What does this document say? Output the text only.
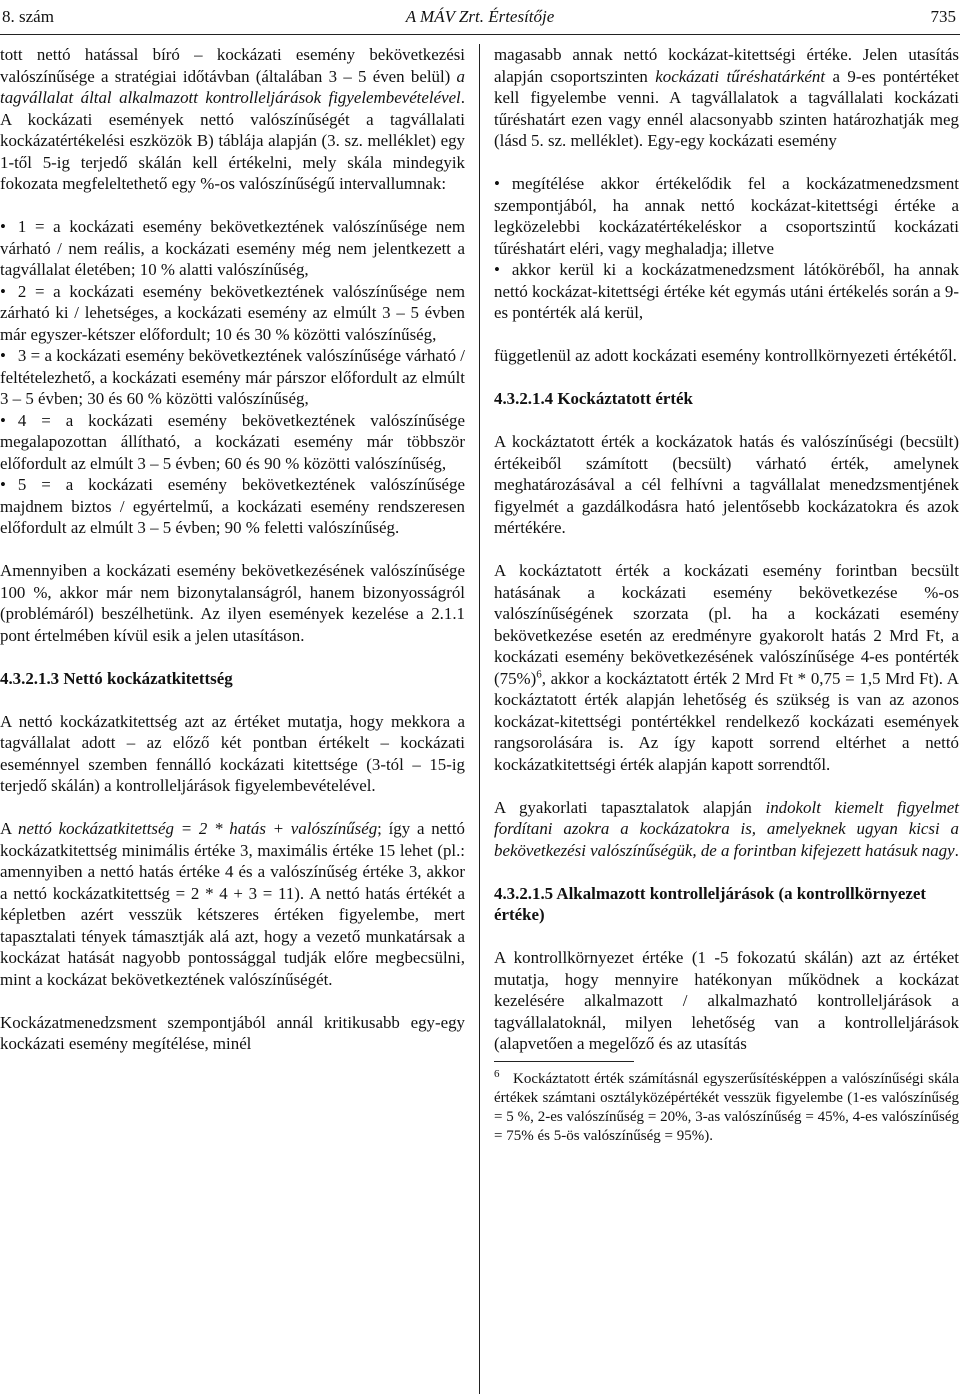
8. szám	A MÁV Zrt. Értesítője	735

tott nettó hatással bíró – kockázati esemény bekövetkezési valószínűsége a stratégiai időtávban (általában 3 – 5 éven belül) a tagvállalat által alkalmazott kontrolleljárások figyelembevételével. A kockázati események nettó valószínűségét a tagvállalati kockázatértékelési eszközök B) táblája alapján (3. sz. melléklet) egy 1-től 5-ig terjedő skálán kell értékelni, mely skála mindegyik fokozata megfeleltethető egy %-os valószínűségű intervallumnak:

• 1 = a kockázati esemény bekövetkeztének valószínűsége nem várható / nem reális, a kockázati esemény még nem jelentkezett a tagvállalat életében; 10 % alatti valószínűség,
• 2 = a kockázati esemény bekövetkeztének valószínűsége nem zárható ki / lehetséges, a kockázati esemény az elmúlt 3 – 5 évben már egyszer-kétszer előfordult; 10 és 30 % közötti valószínűség,
• 3 = a kockázati esemény bekövetkeztének valószínűsége várható / feltételezhető, a kockázati esemény már párszor előfordult az elmúlt 3 – 5 évben; 30 és 60 % közötti valószínűség,
• 4 = a kockázati esemény bekövetkeztének valószínűsége megalapozottan állítható, a kockázati esemény már többször előfordult az elmúlt 3 – 5 évben; 60 és 90 % közötti valószínűség,
• 5 = a kockázati esemény bekövetkeztének valószínűsége majdnem biztos / egyértelmű, a kockázati esemény rendszeresen előfordult az elmúlt 3 – 5 évben; 90 % feletti valószínűség.

Amennyiben a kockázati esemény bekövetkezésének valószínűsége 100 %, akkor már nem bizonytalanságról, hanem bizonyosságról (problémáról) beszélhetünk. Az ilyen események kezelése a 2.1.1 pont értelmében kívül esik a jelen utasításon.

4.3.2.1.3 Nettó kockázatkitettség

A nettó kockázatkitettség azt az értéket mutatja, hogy mekkora a tagvállalat adott – az előző két pontban értékelt – kockázati eseménnyel szemben fennálló kockázati kitettsége (3-tól – 15-ig terjedő skálán) a kontrolleljárások figyelembevételével.

A nettó kockázatkitettség = 2 * hatás + valószínűség; így a nettó kockázatkitettség minimális értéke 3, maximális értéke 15 lehet (pl.: amennyiben a nettó hatás értéke 4 és a valószínűség értéke 3, akkor a nettó kockázatkitettség = 2 * 4 + 3 = 11). A nettó hatás értékét a képletben azért vesszük kétszeres értéken figyelembe, mert tapasztalati tények támasztják alá azt, hogy a vezető munkatársak a kockázat hatását nagyobb pontossággal tudják előre megbecsülni, mint a kockázat bekövetkeztének valószínűségét.

Kockázatmenedzsment szempontjából annál kritikusabb egy-egy kockázati esemény megítélése, minél

magasabb annak nettó kockázat-kitettségi értéke. Jelen utasítás alapján csoportszinten kockázati tűréshatárként a 9-es pontértéket kell figyelembe venni. A tagvállalatok a tagvállalati kockázati tűréshatárt ezen vagy ennél alacsonyabb szinten határozhatják meg (lásd 5. sz. melléklet). Egy-egy kockázati esemény

• megítélése akkor értékelődik fel a kockázatmenedzsment szempontjából, ha annak nettó kockázat-kitettségi értéke a legközelebbi kockázatértékeléskor a csoportszintű kockázati tűréshatárt eléri, vagy meghaladja; illetve
• akkor kerül ki a kockázatmenedzsment látóköréből, ha annak nettó kockázat-kitettségi értéke két egymás utáni értékelés során a 9-es pontérték alá kerül,

függetlenül az adott kockázati esemény kontrollkörnyezeti értékétől.

4.3.2.1.4 Kockáztatott érték

A kockáztatott érték a kockázatok hatás és valószínűségi (becsült) értékeiből számított (becsült) várható érték, amelynek meghatározásával a cél felhívni a tagvállalat menedzsmentjének figyelmét a gazdálkodásra ható jelentősebb kockázatokra és azok mértékére.

A kockáztatott érték a kockázati esemény forintban becsült hatásának a kockázati esemény bekövetkezése %-os valószínűségének szorzata (pl. ha a kockázati esemény bekövetkezése esetén az eredményre gyakorolt hatás 2 Mrd Ft, a kockázati esemény bekövetkezésének valószínűsége 4-es pontérték $(75\%)^6$, akkor a kockáztatott érték 2 Mrd Ft * 0,75 = 1,5 Mrd Ft). A kockáztatott érték alapján lehetőség és szükség is van az azonos kockázat-kitettségi pontértékkel rendelkező kockázati események rangsorolására is. Az így kapott sorrend eltérhet a nettó kockázatkitettségi érték alapján kapott sorrendtől.

A gyakorlati tapasztalatok alapján indokolt kiemelt figyelmet fordítani azokra a kockázatokra is, amelyeknek ugyan kicsi a bekövetkezési valószínűségük, de a forintban kifejezett hatásuk nagy.

4.3.2.1.5 Alkalmazott kontrolleljárások (a kontrollkörnyezet értéke)

A kontrollkörnyezet értéke (1 -5 fokozatú skálán) azt az értéket mutatja, hogy mennyire hatékonyan működnek a kockázat kezelésére alkalmazott / alkalmazható kontrolleljárások a tagvállalatoknál, milyen lehetőség van a kontrolleljárások (alapvetően a megelőző és az utasítás

$^6$ Kockáztatott érték számításnál egyszerűsítésképpen a valószínűségi skála értékek számtani osztályközépértékét vesszük figyelembe (1-es valószínűség = 5 %, 2-es valószínűség = 20%, 3-as valószínűség = 45%, 4-es valószínűség = 75% és 5-ös valószínűség = 95%).
